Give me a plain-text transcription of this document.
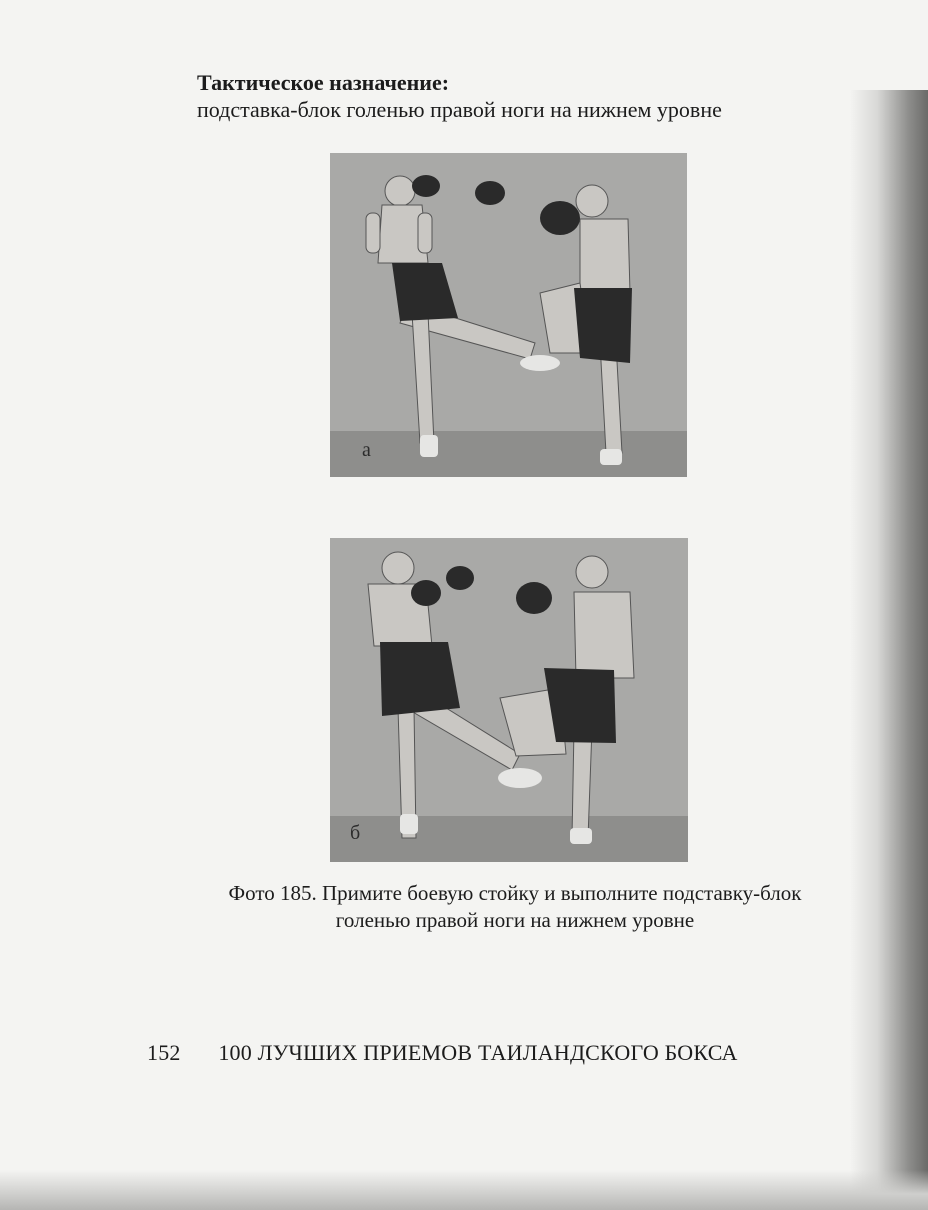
Тактическое назначение:
подставка-блок голенью правой ноги на нижнем уровне
а
б
Фото 185. Примите боевую стойку и выполните подставку-блок
голенью правой ноги на нижнем уровне
152 100 ЛУЧШИХ ПРИЕМОВ ТАИЛАНДСКОГО БОКСА
